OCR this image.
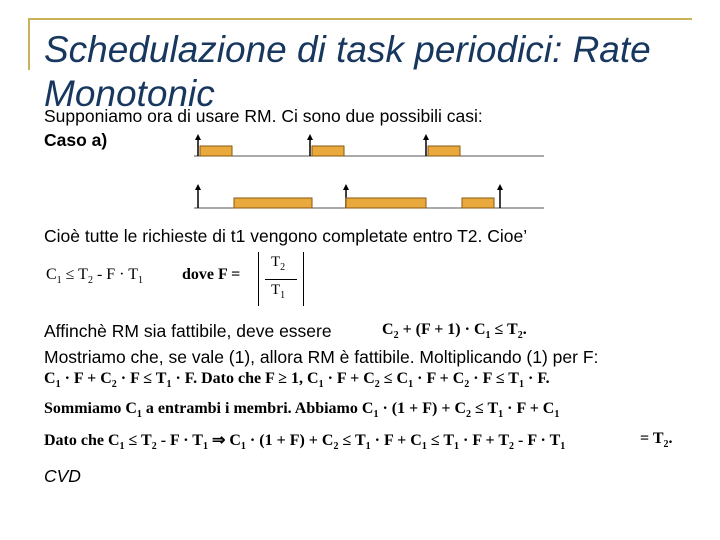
Schedulazione di task periodici: Rate Monotonic
Supponiamo ora di usare RM. Ci sono due possibili casi:
Caso a)
Cioè tutte le richieste di t1 vengono completate entro T2. Cioe’
$C_1 \le T_2 - F \cdot T_1$ dove F =
$T_2$
$T_1$
Affinchè RM sia fattibile, deve essere	$C_2 + (F + 1) \cdot C_1 \le T_2$.
Mostriamo che, se vale (1), allora RM è fattibile. Moltiplicando (1) per F:
$C_1 \cdot F + C_2 \cdot F \le T_1 \cdot F$. Dato che F ≥ 1, $C_1 \cdot F + C_2 \le C_1 \cdot F + C_2 \cdot F \le T_1 \cdot F$.
Sommiamo $C_1$ a entrambi i membri. Abbiamo $C_1 \cdot (1 + F) + C_2 \le T_1 \cdot F + C_1$
Dato che $C_1 \le T_2 - F \cdot T_1$ ⇒ $C_1 \cdot (1 + F) + C_2 \le T_1 \cdot F + C_1 \le T_1 \cdot F + T_2 - F \cdot T_1$	= $T_2$.
CVD
